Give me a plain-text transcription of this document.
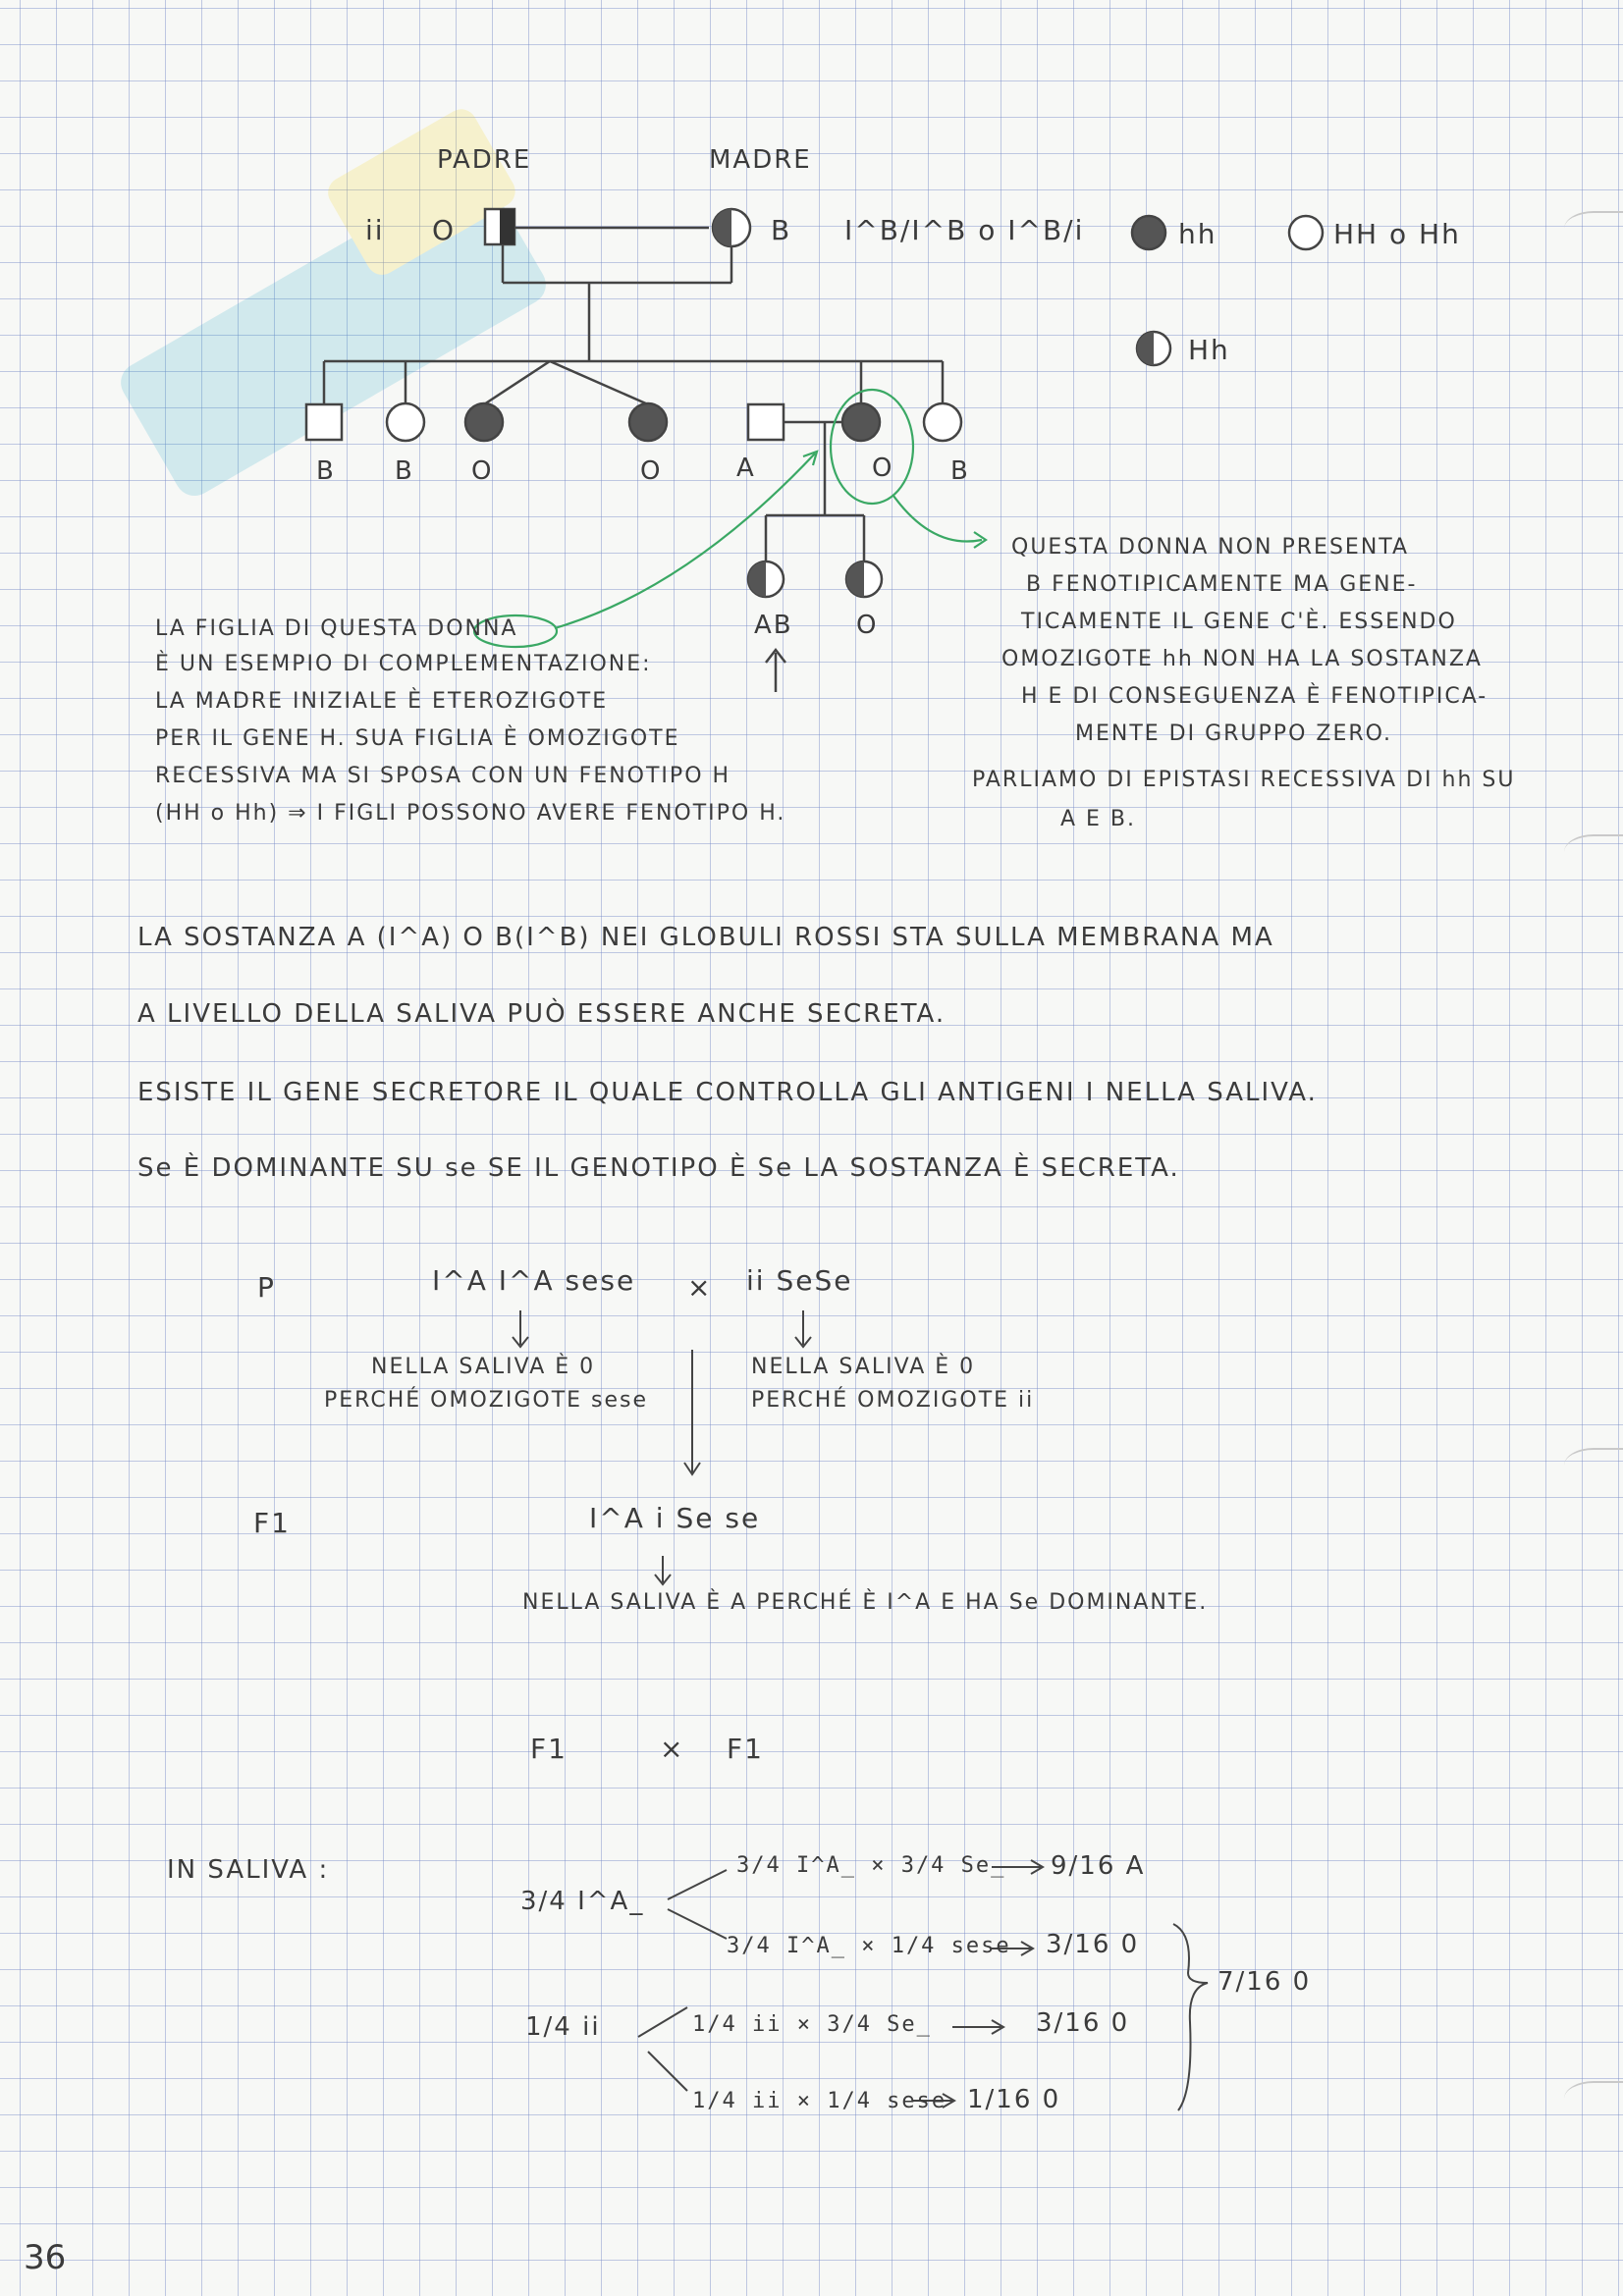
PADRE	MADRE
ii O	B I^B/I^B o I^B/i	hh	HH o Hh
Hh
B B O	O	A	O B
AB O
LA FIGLIA DI QUESTA DONNA
È UN ESEMPIO DI COMPLEMENTAZIONE:
LA MADRE INIZIALE È ETEROZIGOTE
PER IL GENE H. SUA FIGLIA È OMOZIGOTE
RECESSIVA MA SI SPOSA CON UN FENOTIPO H
(HH o Hh) ⇒ I FIGLI POSSONO AVERE FENOTIPO H.
QUESTA DONNA NON PRESENTA
B FENOTIPICAMENTE MA GENE-
TICAMENTE IL GENE C'È. ESSENDO
OMOZIGOTE hh NON HA LA SOSTANZA
H E DI CONSEGUENZA È FENOTIPICA-
MENTE DI GRUPPO ZERO.
PARLIAMO DI EPISTASI RECESSIVA DI hh SU
A E B.
LA SOSTANZA A (I^A) O B(I^B) NEI GLOBULI ROSSI STA SULLA MEMBRANA MA
A LIVELLO DELLA SALIVA PUÒ ESSERE ANCHE SECRETA.
ESISTE IL GENE SECRETORE IL QUALE CONTROLLA GLI ANTIGENI I NELLA SALIVA.
Se È DOMINANTE SU se SE IL GENOTIPO È Se LA SOSTANZA È SECRETA.
P	I^A I^A sese × ii SeSe
NELLA SALIVA È 0
PERCHÉ OMOZIGOTE sese
NELLA SALIVA È 0
PERCHÉ OMOZIGOTE ii
F1	I^A i Se se
NELLA SALIVA È A PERCHÉ È I^A E HA Se DOMINANTE.
F1	× F1
IN SALIVA :
3/4 I^A_
1/4 ii
3/4 I^A_ × 3/4 Se_ 9/16 A
3/4 I^A_ × 1/4 sese 3/16 0
1/4 ii × 3/4 Se_	3/16 0
1/4 ii × 1/4 sese 1/16 0
7/16 0
36
